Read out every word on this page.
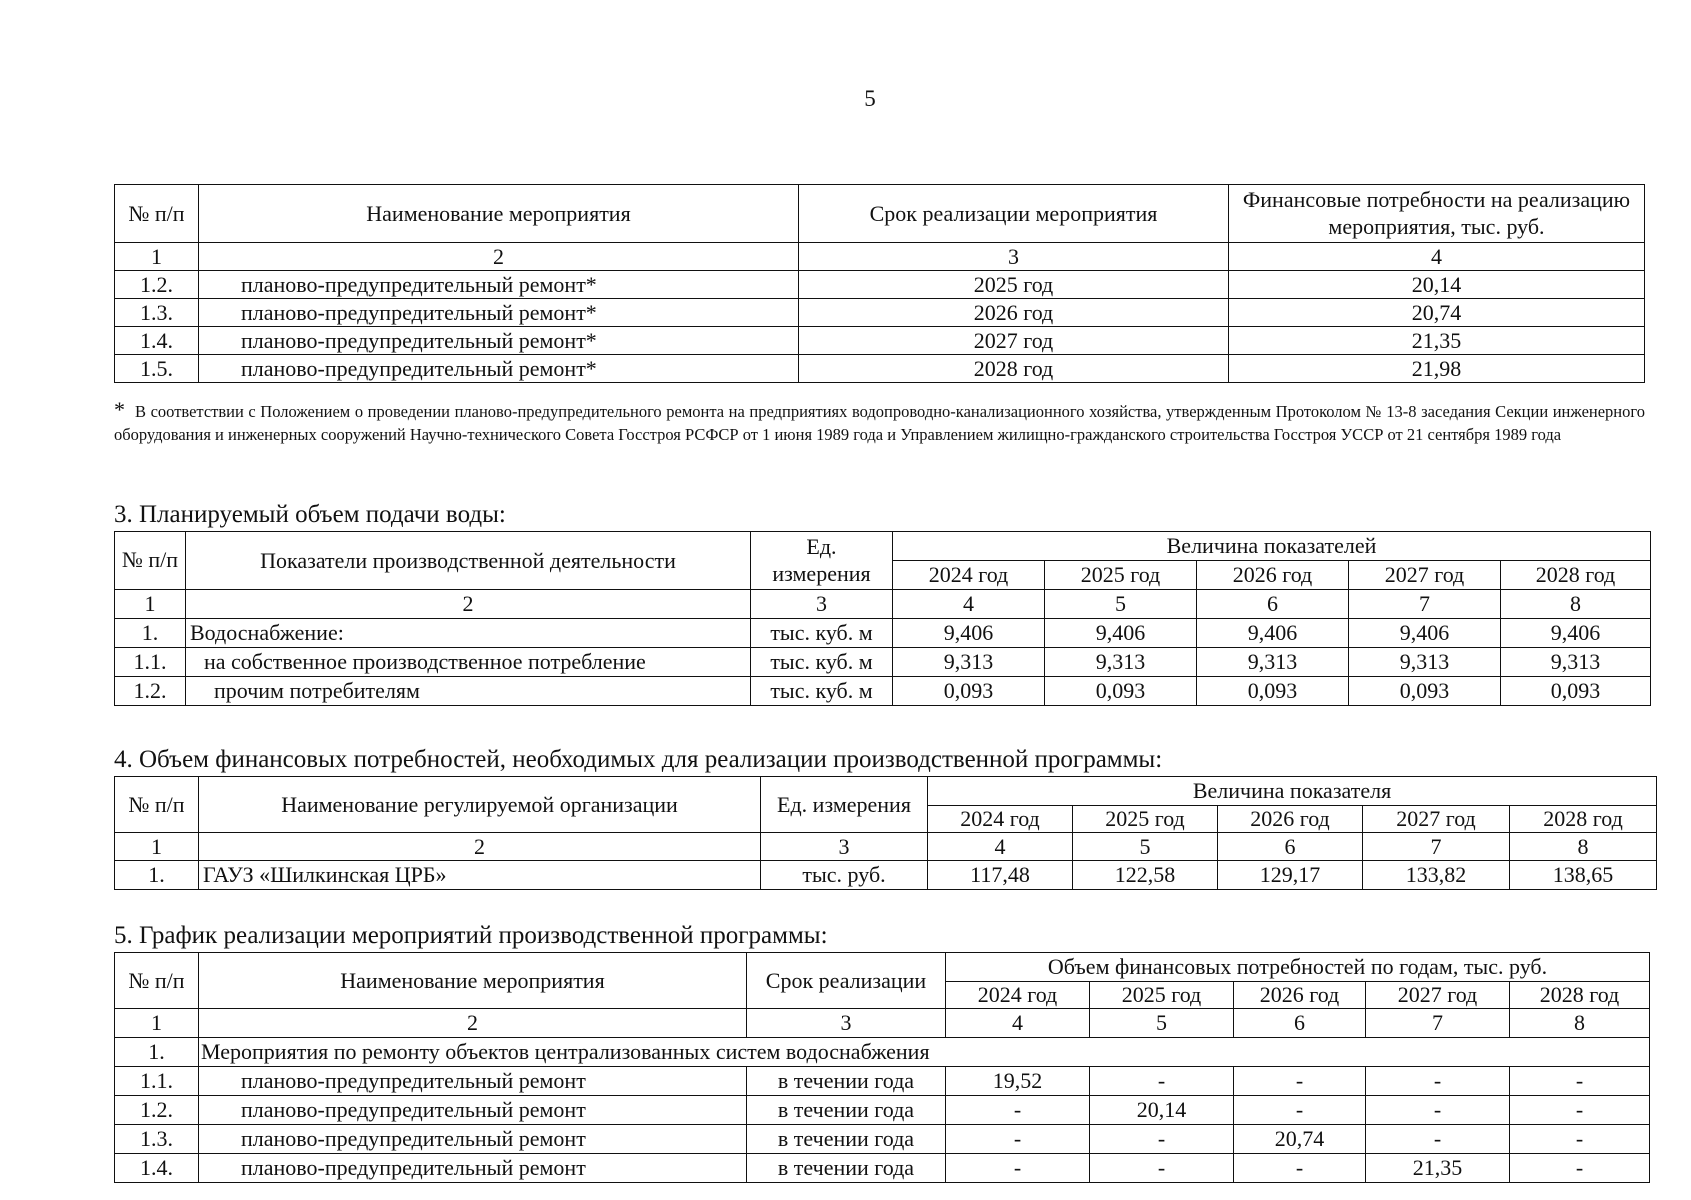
5
№ п/п	Наименование мероприятия	Срок реализации мероприятия	Финансовые потребности на реализацию мероприятия, тыс. руб.
1	2	3	4
1.2.	планово-предупредительный ремонт*	2025 год	20,14
1.3.	планово-предупредительный ремонт*	2026 год	20,74
1.4.	планово-предупредительный ремонт*	2027 год	21,35
1.5.	планово-предупредительный ремонт*	2028 год	21,98
* В соответствии с Положением о проведении планово-предупредительного ремонта на предприятиях водопроводно-канализационного хозяйства, утвержденным Протоколом № 13-8 заседания Секции инженерного оборудования и инженерных сооружений Научно-технического Совета Госстроя РСФСР от 1 июня 1989 года и Управлением жилищно-гражданского строительства Госстроя УССР от 21 сентября 1989 года
3. Планируемый объем подачи воды:
№ п/п	Показатели производственной деятельности	Ед. измерения	Величина показателей				
			2024 год	2025 год	2026 год	2027 год	2028 год
1	2	3	4	5	6	7	8
1.	Водоснабжение:	тыс. куб. м	9,406	9,406	9,406	9,406	9,406
1.1.	на собственное производственное потребление	тыс. куб. м	9,313	9,313	9,313	9,313	9,313
1.2.	прочим потребителям	тыс. куб. м	0,093	0,093	0,093	0,093	0,093
4. Объем финансовых потребностей, необходимых для реализации производственной программы:
№ п/п	Наименование регулируемой организации	Ед. измерения	Величина показателя				
			2024 год	2025 год	2026 год	2027 год	2028 год
1	2	3	4	5	6	7	8
1.	ГАУЗ «Шилкинская ЦРБ»	тыс. руб.	117,48	122,58	129,17	133,82	138,65
5. График реализации мероприятий производственной программы:
№ п/п	Наименование мероприятия	Срок реализации	Объем финансовых потребностей по годам, тыс. руб.				
			2024 год	2025 год	2026 год	2027 год	2028 год
1	2	3	4	5	6	7	8
1.	Мероприятия по ремонту объектов централизованных систем водоснабжения						
1.1.	планово-предупредительный ремонт	в течении года	19,52	-	-	-	-
1.2.	планово-предупредительный ремонт	в течении года	-	20,14	-	-	-
1.3.	планово-предупредительный ремонт	в течении года	-	-	20,74	-	-
1.4.	планово-предупредительный ремонт	в течении года	-	-	-	21,35	-
